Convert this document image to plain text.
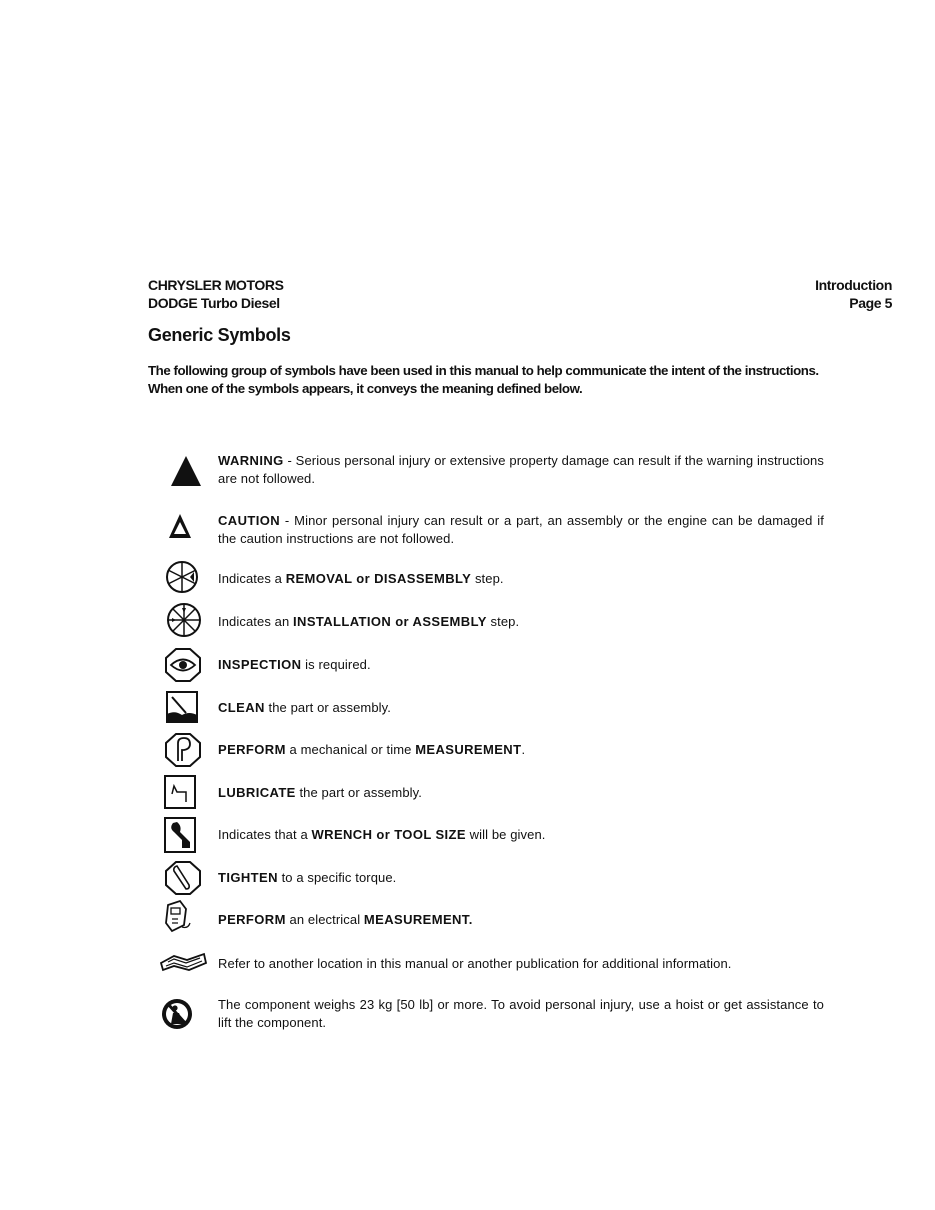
CHRYSLER MOTORS
DODGE Turbo Diesel
Introduction
Page 5
Generic Symbols
The following group of symbols have been used in this manual to help communicate the intent of the instructions.
When one of the symbols appears, it conveys the meaning defined below.
WARNING - Serious personal injury or extensive property damage can result if the warning instructions are not followed.
CAUTION - Minor personal injury can result or a part, an assembly or the engine can be damaged if the caution instructions are not followed.
Indicates a REMOVAL or DISASSEMBLY step.
Indicates an INSTALLATION or ASSEMBLY step.
INSPECTION is required.
CLEAN the part or assembly.
PERFORM a mechanical or time MEASUREMENT.
LUBRICATE the part or assembly.
Indicates that a WRENCH or TOOL SIZE will be given.
TIGHTEN to a specific torque.
PERFORM an electrical MEASUREMENT.
Refer to another location in this manual or another publication for additional information.
The component weighs 23 kg [50 lb] or more. To avoid personal injury, use a hoist or get assistance to lift the component.
